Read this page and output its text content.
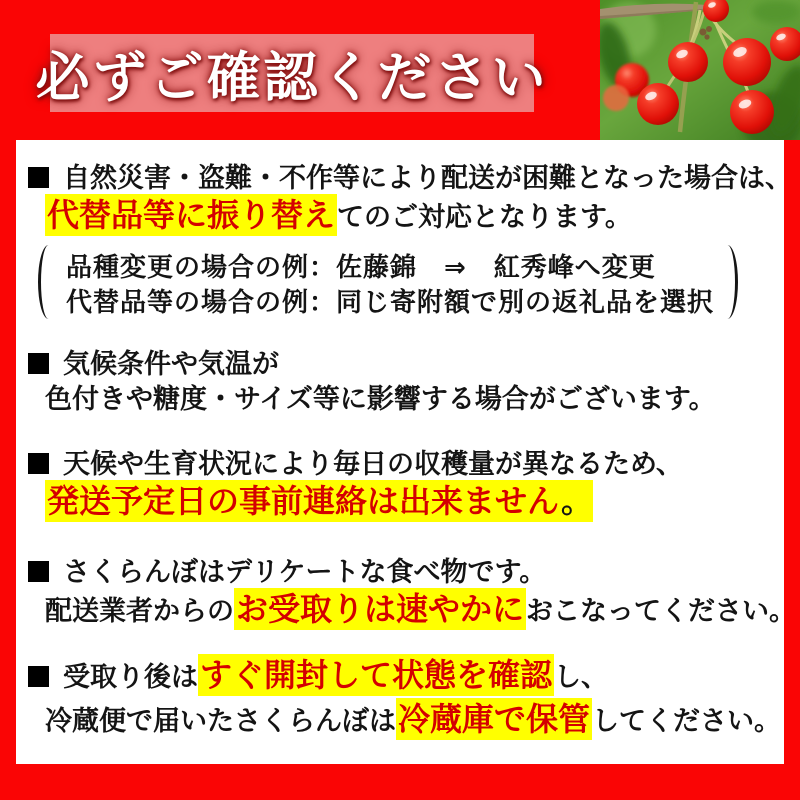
必ずご確認ください
自然災害・盗難・不作等により配送が困難となった場合は、
代替品等に振り替えてのご対応となります。
品種変更の場合の例：佐藤錦　⇒　紅秀峰へ変更
代替品等の場合の例：同じ寄附額で別の返礼品を選択
気候条件や気温が
色付きや糖度・サイズ等に影響する場合がございます。
天候や生育状況により毎日の収穫量が異なるため、
発送予定日の事前連絡は出来ません。
さくらんぼはデリケートな食べ物です。
配送業者からのお受取りは速やかにおこなってください。
受取り後はすぐ開封して状態を確認し、
冷蔵便で届いたさくらんぼは冷蔵庫で保管してください。
